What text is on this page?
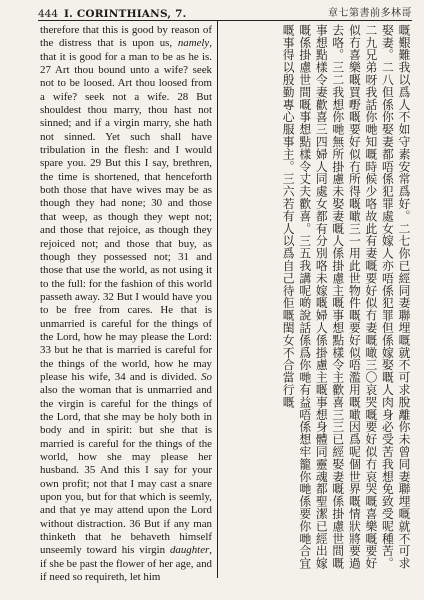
444 I. CORINTHIANS, 7.	章七第書前多林哥
therefore that this is good by reason of the distress that is upon us, namely, that it is good for a man to be as he is. 27 Art thou bound unto a wife? seek not to be loosed. Art thou loosed from a wife? seek not a wife. 28 But shouldest thou marry, thou hast not sinned; and if a virgin marry, she hath not sinned. Yet such shall have tribulation in the flesh: and I would spare you. 29 But this I say, brethren, the time is shortened, that henceforth both those that have wives may be as though they had none; 30 and those that weep, as though they wept not; and those that rejoice, as though they rejoiced not; and those that buy, as though they possessed not; 31 and those that use the world, as not using it to the full: for the fashion of this world passeth away. 32 But I would have you to be free from cares. He that is unmarried is careful for the things of the Lord, how he may please the Lord: 33 but he that is married is careful for the things of the world, how he may please his wife, 34 and is divided. So also the woman that is unmarried and the virgin is careful for the things of the Lord, that she may be holy both in body and in spirit: but she that is married is careful for the things of the world, how she may please her husband. 35 And this I say for your own profit; not that I may cast a snare upon you, but for that which is seemly, and that ye may attend upon the Lord without distraction. 36 But if any man thinketh that he behaveth himself unseemly toward his virgin daughter, if she be past the flower of her age, and if need so requireth, let him
嘅艱難我以爲人不如守素安常爲好。二七你已經同妻聯埋嘅就不可求脫離你未曾同妻聯埋嘅就不可求娶妻。二八但係你娶妻都唔係犯罪處女嫁人亦唔係犯罪但係嫁娶嘅人肉身必受苦我想免致受呢種苦。二九兄弟呀我話你哋知嘅時候少咯故此有妻嘅要好似冇妻嘅噉三〇哀哭嘅要好似冇哀哭嘅喜樂嘅要好似冇喜樂嘅買嘢嘅要好似冇所得嘅噉三一用此世物件嘅要好似唔濫用嘅噉因爲呢個世界嘅情狀將要過去咯。三二我想你哋無所掛慮未娶妻嘅人係掛慮主嘅事想點樣令主歡喜三三已經娶妻嘅係掛慮世間嘅事想點樣令妻歡喜三四婦人同處女都有分別咯未嫁嘅婦人係掛慮主嘅事想身體同靈魂都聖潔已經出嫁嘅係掛慮世間嘅事想點樣令丈夫歡喜。三五我講呢啲說話係爲你哋有益唔係想牢籠你哋係要你哋合宜嘅事得以殷勤專心服事主。三六若有人以爲自己待佢嘅閨女不合當行嘅
